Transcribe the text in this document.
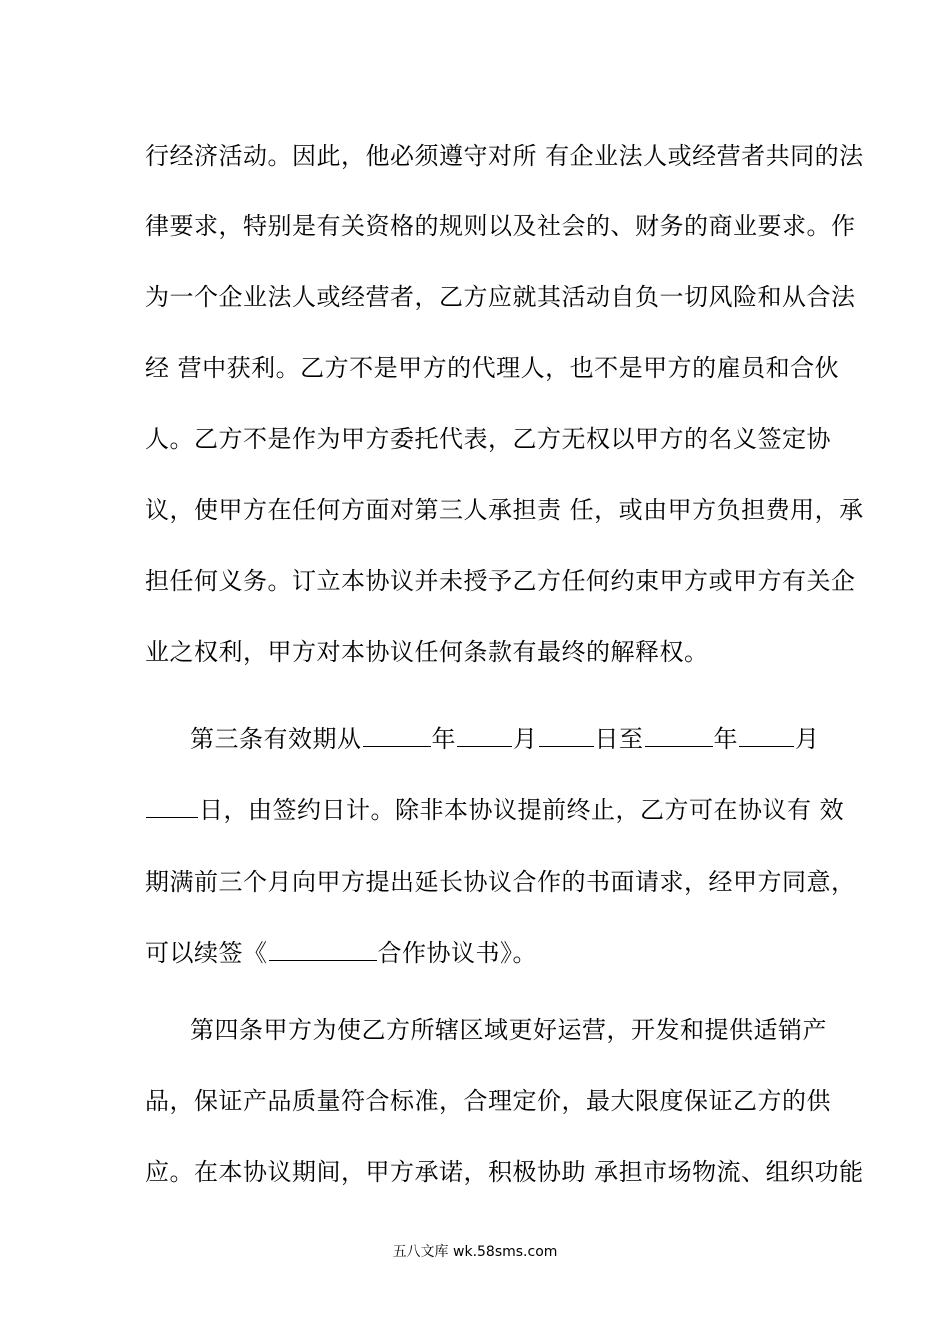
行经济活动。因此，他必须遵守对所 有企业法人或经营者共同的法
律要求，特别是有关资格的规则以及社会的、财务的商业要求。作
为一个企业法人或经营者，乙方应就其活动自负一切风险和从合法
经 营中获利。乙方不是甲方的代理人，也不是甲方的雇员和合伙
人。乙方不是作为甲方委托代表，乙方无权以甲方的名义签定协
议，使甲方在任何方面对第三人承担责 任，或由甲方负担费用，承
担任何义务。订立本协议并未授予乙方任何约束甲方或甲方有关企
业之权利，甲方对本协议任何条款有最终的解释权。
第三条有效期从	年 月 日至	年 月
日，由签约日计。除非本协议提前终止，乙方可在协议有 效
期满前三个月向甲方提出延长协议合作的书面请求，经甲方同意，
可以续签《	合作协议书》。
第四条甲方为使乙方所辖区域更好运营，开发和提供适销产
品，保证产品质量符合标准，合理定价，最大限度保证乙方的供
应。在本协议期间，甲方承诺，积极协助 承担市场物流、组织功能
五八文库 wk.58sms.com
